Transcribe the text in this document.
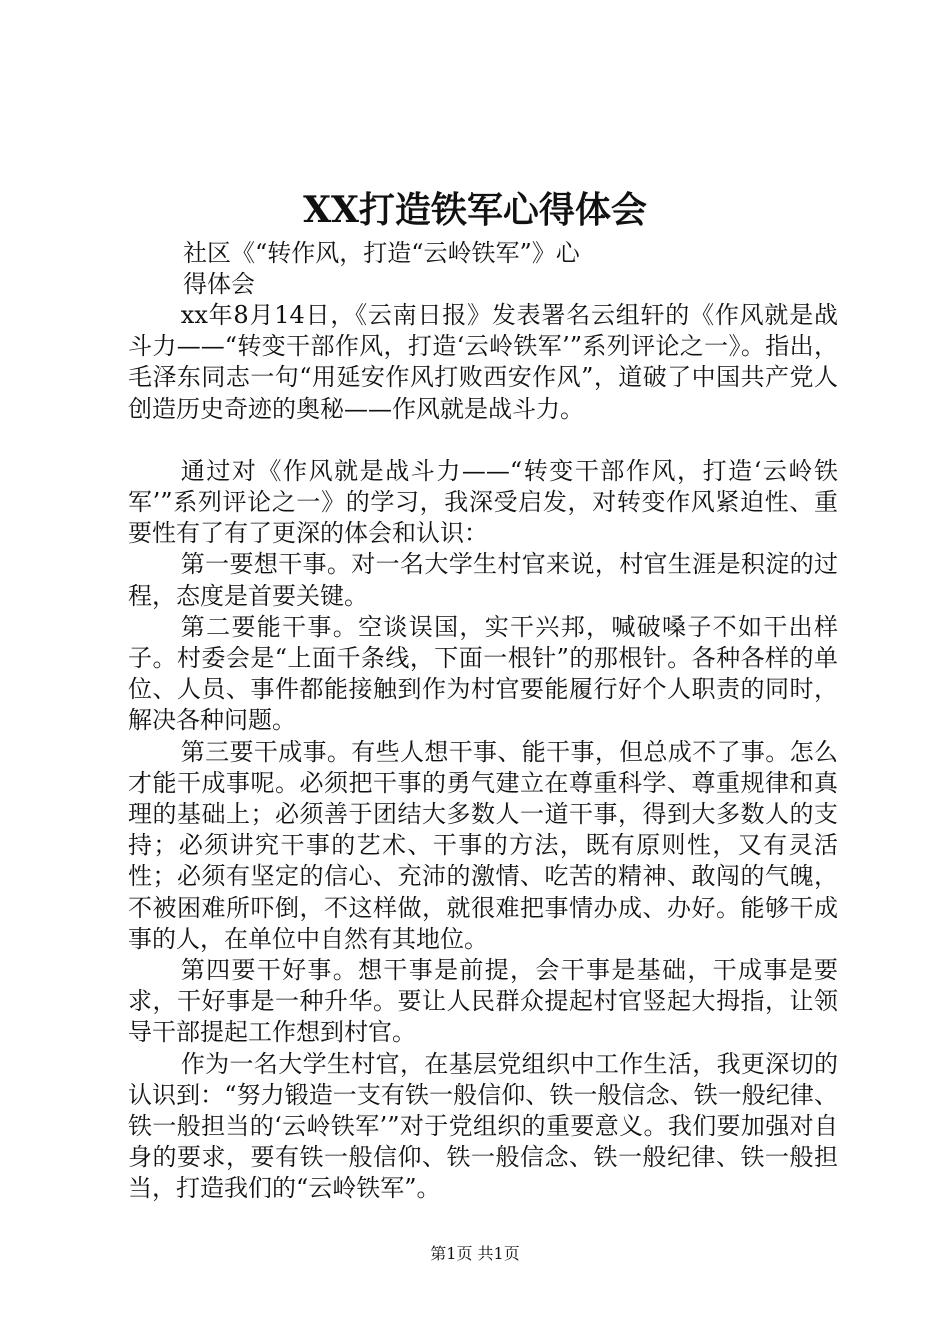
XX打造铁军心得体会
社区《“转作风，打造“云岭铁军”》心
得体会

xx年8月14日，《云南日报》发表署名云组轩的《作风就是战斗力——“转变干部作风，打造‘云岭铁军’”系列评论之一》。指出，毛泽东同志一句“用延安作风打败西安作风”，道破了中国共产党人创造历史奇迹的奥秘——作风就是战斗力。

通过对《作风就是战斗力——“转变干部作风，打造‘云岭铁军’”系列评论之一》的学习，我深受启发，对转变作风紧迫性、重要性有了有了更深的体会和认识：

第一要想干事。对一名大学生村官来说，村官生涯是积淀的过程，态度是首要关键。

第二要能干事。空谈误国，实干兴邦，喊破嗓子不如干出样子。村委会是“上面千条线，下面一根针”的那根针。各种各样的单位、人员、事件都能接触到作为村官要能履行好个人职责的同时，解决各种问题。

第三要干成事。有些人想干事、能干事，但总成不了事。怎么才能干成事呢。必须把干事的勇气建立在尊重科学、尊重规律和真理的基础上；必须善于团结大多数人一道干事，得到大多数人的支持；必须讲究干事的艺术、干事的方法，既有原则性，又有灵活性；必须有坚定的信心、充沛的激情、吃苦的精神、敢闯的气魄，不被困难所吓倒，不这样做，就很难把事情办成、办好。能够干成事的人，在单位中自然有其地位。

第四要干好事。想干事是前提，会干事是基础，干成事是要求，干好事是一种升华。要让人民群众提起村官竖起大拇指，让领导干部提起工作想到村官。

作为一名大学生村官，在基层党组织中工作生活，我更深切的认识到：“努力锻造一支有铁一般信仰、铁一般信念、铁一般纪律、铁一般担当的‘云岭铁军’”对于党组织的重要意义。我们要加强对自身的要求，要有铁一般信仰、铁一般信念、铁一般纪律、铁一般担当，打造我们的“云岭铁军”。

第1页 共1页
